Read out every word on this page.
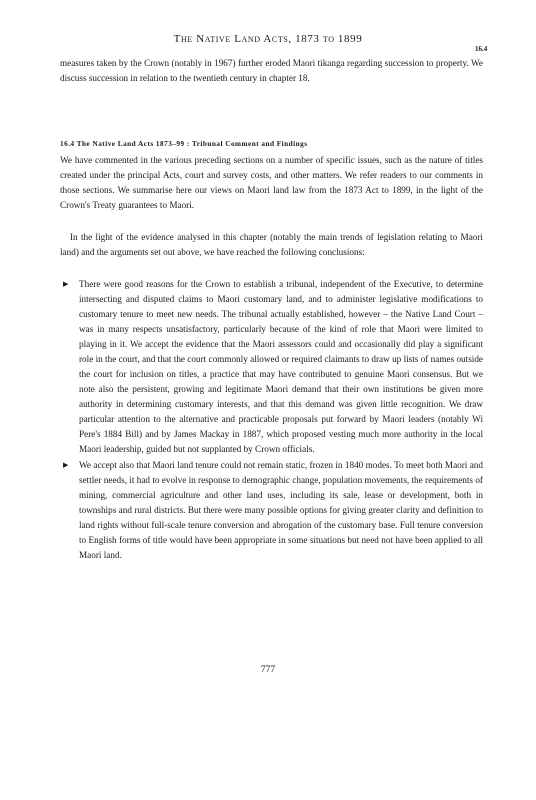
The Native Land Acts, 1873 to 1899
16.4
measures taken by the Crown (notably in 1967) further eroded Maori tikanga regarding succession to property. We discuss succession in relation to the twentieth century in chapter 18.
16.4 The Native Land Acts 1873–99 : Tribunal Comment and Findings
We have commented in the various preceding sections on a number of specific issues, such as the nature of titles created under the principal Acts, court and survey costs, and other matters. We refer readers to our comments in those sections. We summarise here our views on Maori land law from the 1873 Act to 1899, in the light of the Crown's Treaty guarantees to Maori.
In the light of the evidence analysed in this chapter (notably the main trends of legislation relating to Maori land) and the arguments set out above, we have reached the following conclusions:
▶ There were good reasons for the Crown to establish a tribunal, independent of the Executive, to determine intersecting and disputed claims to Maori customary land, and to administer legislative modifications to customary tenure to meet new needs. The tribunal actually established, however – the Native Land Court – was in many respects unsatisfactory, particularly because of the kind of role that Maori were limited to playing in it. We accept the evidence that the Maori assessors could and occasionally did play a significant role in the court, and that the court commonly allowed or required claimants to draw up lists of names outside the court for inclusion on titles, a practice that may have contributed to genuine Maori consensus. But we note also the persistent, growing and legitimate Maori demand that their own institutions be given more authority in determining customary interests, and that this demand was given little recognition. We draw particular attention to the alternative and practicable proposals put forward by Maori leaders (notably Wi Pere's 1884 Bill) and by James Mackay in 1887, which proposed vesting much more authority in the local Maori leadership, guided but not supplanted by Crown officials.
▶ We accept also that Maori land tenure could not remain static, frozen in 1840 modes. To meet both Maori and settler needs, it had to evolve in response to demographic change, population movements, the requirements of mining, commercial agriculture and other land uses, including its sale, lease or development, both in townships and rural districts. But there were many possible options for giving greater clarity and definition to land rights without full-scale tenure conversion and abrogation of the customary base. Full tenure conversion to English forms of title would have been appropriate in some situations but need not have been applied to all Maori land.
777
